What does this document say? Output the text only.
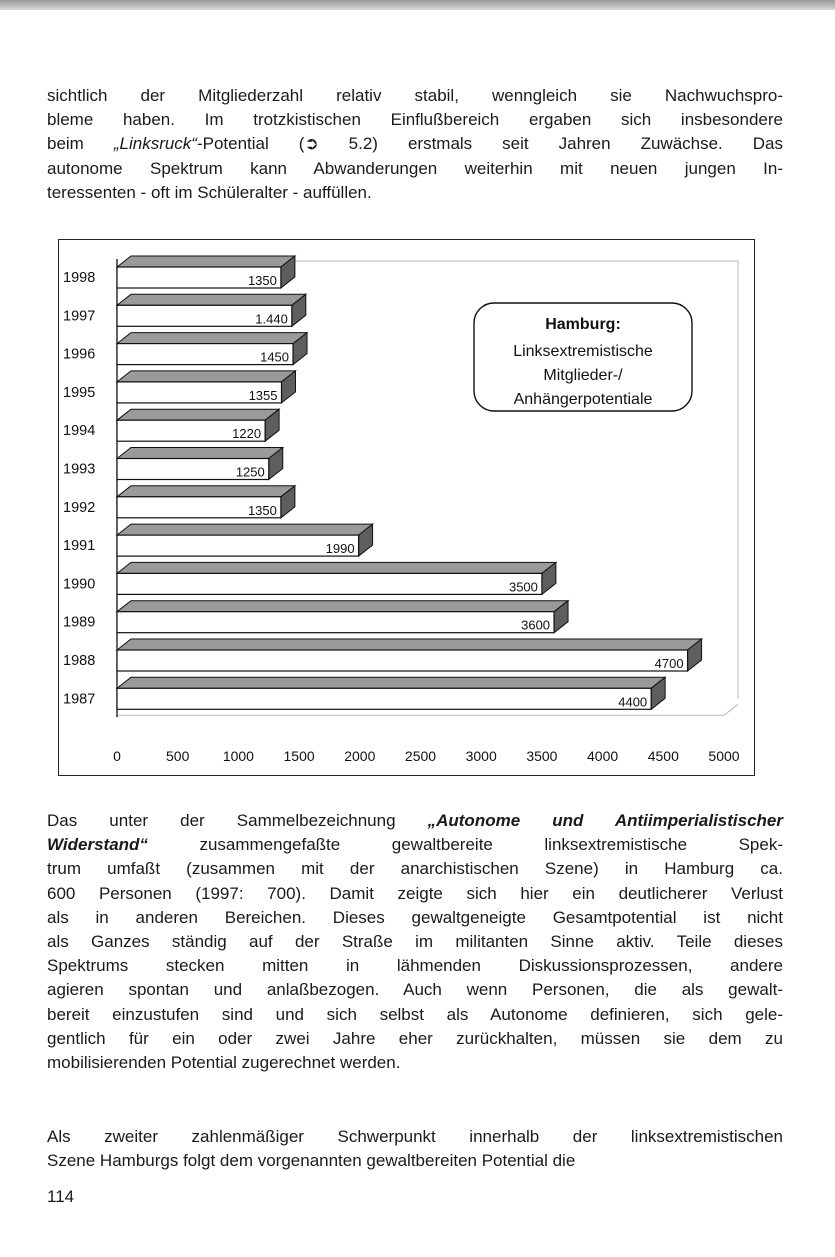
sichtlich der Mitgliederzahl relativ stabil, wenngleich sie Nachwuchspro-
bleme haben. Im trotzkistischen Einflußbereich ergaben sich insbesondere
beim „Linksruck“-Potential (➲ 5.2) erstmals seit Jahren Zuwächse. Das
autonome Spektrum kann Abwanderungen weiterhin mit neuen jungen In-
teressenten - oft im Schüleralter - auffüllen.
1350
1998
1.440
1997
1450
1996
1355
1995
1220
1994
1250
1993
1350
1992
1990
1991
3500
1990
3600
1989
4700
1988
4400
1987
0	500 1000 1500 2000 2500 3000 3500 4000 4500 5000
Hamburg:
Linksextremistische
Mitglieder-/
Anhängerpotentiale
Das unter der Sammelbezeichnung „Autonome und Antiimperialistischer
Widerstand“ zusammengefaßte gewaltbereite linksextremistische Spek-
trum umfaßt (zusammen mit der anarchistischen Szene) in Hamburg ca.
600 Personen (1997: 700). Damit zeigte sich hier ein deutlicherer Verlust
als in anderen Bereichen. Dieses gewaltgeneigte Gesamtpotential ist nicht
als Ganzes ständig auf der Straße im militanten Sinne aktiv. Teile dieses
Spektrums stecken mitten in lähmenden Diskussionsprozessen, andere
agieren spontan und anlaßbezogen. Auch wenn Personen, die als gewalt-
bereit einzustufen sind und sich selbst als Autonome definieren, sich gele-
gentlich für ein oder zwei Jahre eher zurückhalten, müssen sie dem zu
mobilisierenden Potential zugerechnet werden.
Als zweiter zahlenmäßiger Schwerpunkt innerhalb der linksextremistischen
Szene Hamburgs folgt dem vorgenannten gewaltbereiten Potential die
114
